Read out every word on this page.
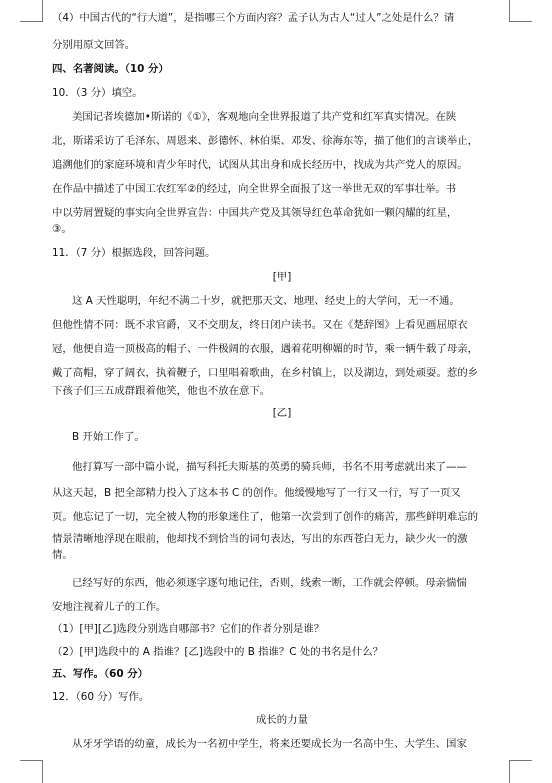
（4）中国古代的“行大道”，是指哪三个方面内容？孟子认为古人“过人”之处是什么？请
分别用原文回答。
四、名著阅读。（10 分）
10．（3 分）填空。
美国记者埃德加•斯诺的《①》，客观地向全世界报道了共产党和红军真实情况。在陕
北，斯诺采访了毛泽东、周恩来、彭德怀、林伯渠、邓发、徐海东等，描了他们的言谈举止，
追溯他们的家庭环境和青少年时代，试图从其出身和成长经历中，找成为共产党人的原因。
在作品中描述了中国工农红军②的经过，向全世界全面报了这一举世无双的军事壮举。书
中以劳屑置疑的事实向全世界宣告：中国共产党及其领导红色革命犹如一颗闪耀的红星，
③。
11．（7 分）根据选段，回答问题。
[甲]
这 A 天性聪明，年纪不满二十岁，就把那天文、地理、经史上的大学问，无一不通。
但他性情不同：既不求官爵，又不交朋友，终日闭户读书。又在《楚辞图》上看见画屈原衣
冠，他便自造一顶极高的帽子、一件极阔的衣服，遇着花明柳媚的时节，乘一辆牛载了母亲，
戴了高帽，穿了阔衣，执着鞭子，口里唱着歌曲，在乡村镇上，以及湖边，到处顽耍。惹的乡
下孩子们三五成群跟着他笑，他也不放在意下。
[乙]
B 开始工作了。
他打算写一部中篇小说，描写科托夫斯基的英勇的骑兵师，书名不用考虑就出来了——
从这天起，B 把全部精力投入了这本书 C 的创作。他缓慢地写了一行又一行，写了一页又
页。他忘记了一切，完全被人物的形象迷住了，他第一次尝到了创作的痛苦，那些鲜明难忘的
情景清晰地浮现在眼前，他却找不到恰当的词句表达，写出的东西苍白无力，缺少火一的激
情。
已经写好的东西，他必须逐字逐句地记住，否则，线索一断，工作就会停顿。母亲惴惴
安地注视着儿子的工作。
（1）[甲][乙]选段分别选自哪部书？它们的作者分别是谁？
（2）[甲]选段中的 A 指谁？[乙]选段中的 B 指谁？C 处的书名是什么？
五、写作。（60 分）
12．（60 分）写作。
成长的力量
从牙牙学语的幼童，成长为一名初中学生，将来还要成长为一名高中生、大学生、国家
